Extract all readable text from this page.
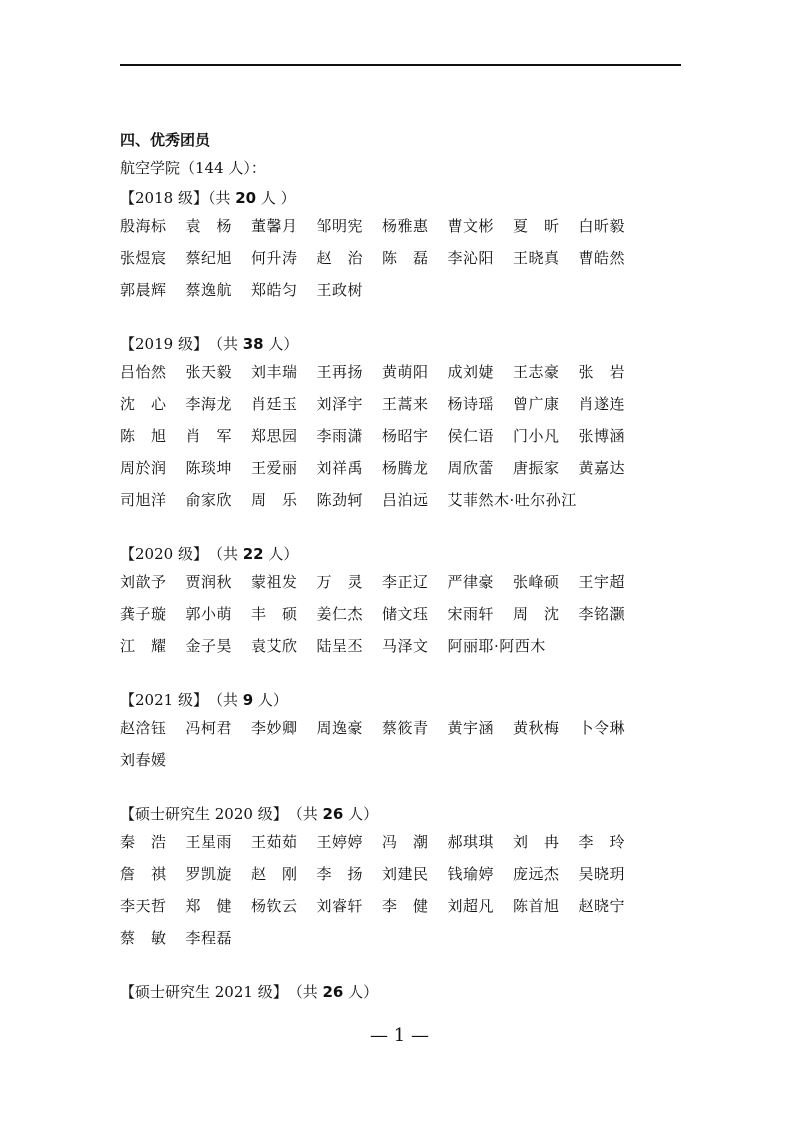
四、优秀团员
航空学院（144 人）：
【2018 级】（共 20 人 ）
殷海标	袁　杨	董馨月	邹明宪	杨雅惠	曹文彬	夏　昕	白昕毅
张煜宸	蔡纪旭	何升涛	赵　治	陈　磊	李沁阳	王晓真	曹皓然
郭晨辉	蔡逸航	郑皓匀	王政树
【2019 级】　（共 38 人）
吕怡然	张天毅	刘丰瑞	王再扬	黄萌阳	成刘婕	王志豪	张　岩
沈　心	李海龙	肖廷玉	刘泽宇	王蒿来	杨诗瑶	曾广康	肖遂连
陈　旭	肖　军	郑思园	李雨潇	杨昭宇	侯仁语	门小凡	张博涵
周於润	陈琰坤	王爱丽	刘祥禹	杨腾龙	周欣蕾	唐振家	黄嘉达
司旭洋	俞家欣	周　乐	陈劲轲	吕泊远	艾菲然木·吐尔孙江
【2020 级】　（共 22 人）
刘歆予	贾润秋	蒙祖发	万　灵	李正辽	严律豪	张峰硕	王宇超
龚子璇	郭小萌	丰　硕	姜仁杰	储文珏	宋雨轩	周　沈	李铭灏
江　耀	金子昊	袁艾欣	陆呈丕	马泽文	阿丽耶·阿西木
【2021 级】　（共 9 人）
赵浛钰	冯柯君	李妙卿	周逸豪	蔡筱青	黄宇涵	黄秋梅	卜令琳
刘春媛
【硕士研究生 2020 级】　（共 26 人）
秦　浩	王星雨	王茹茹	王婷婷	冯　潮	郝琪琪	刘　冉	李　玲
詹　祺	罗凯旋	赵　刚	李　扬	刘建民	钱瑜婷	庞远杰	吴晓玥
李天哲	郑　健	杨钦云	刘睿轩	李　健	刘超凡	陈首旭	赵晓宁
蔡　敏	李程磊
【硕士研究生 2021 级】　（共 26 人）
— 1 —
